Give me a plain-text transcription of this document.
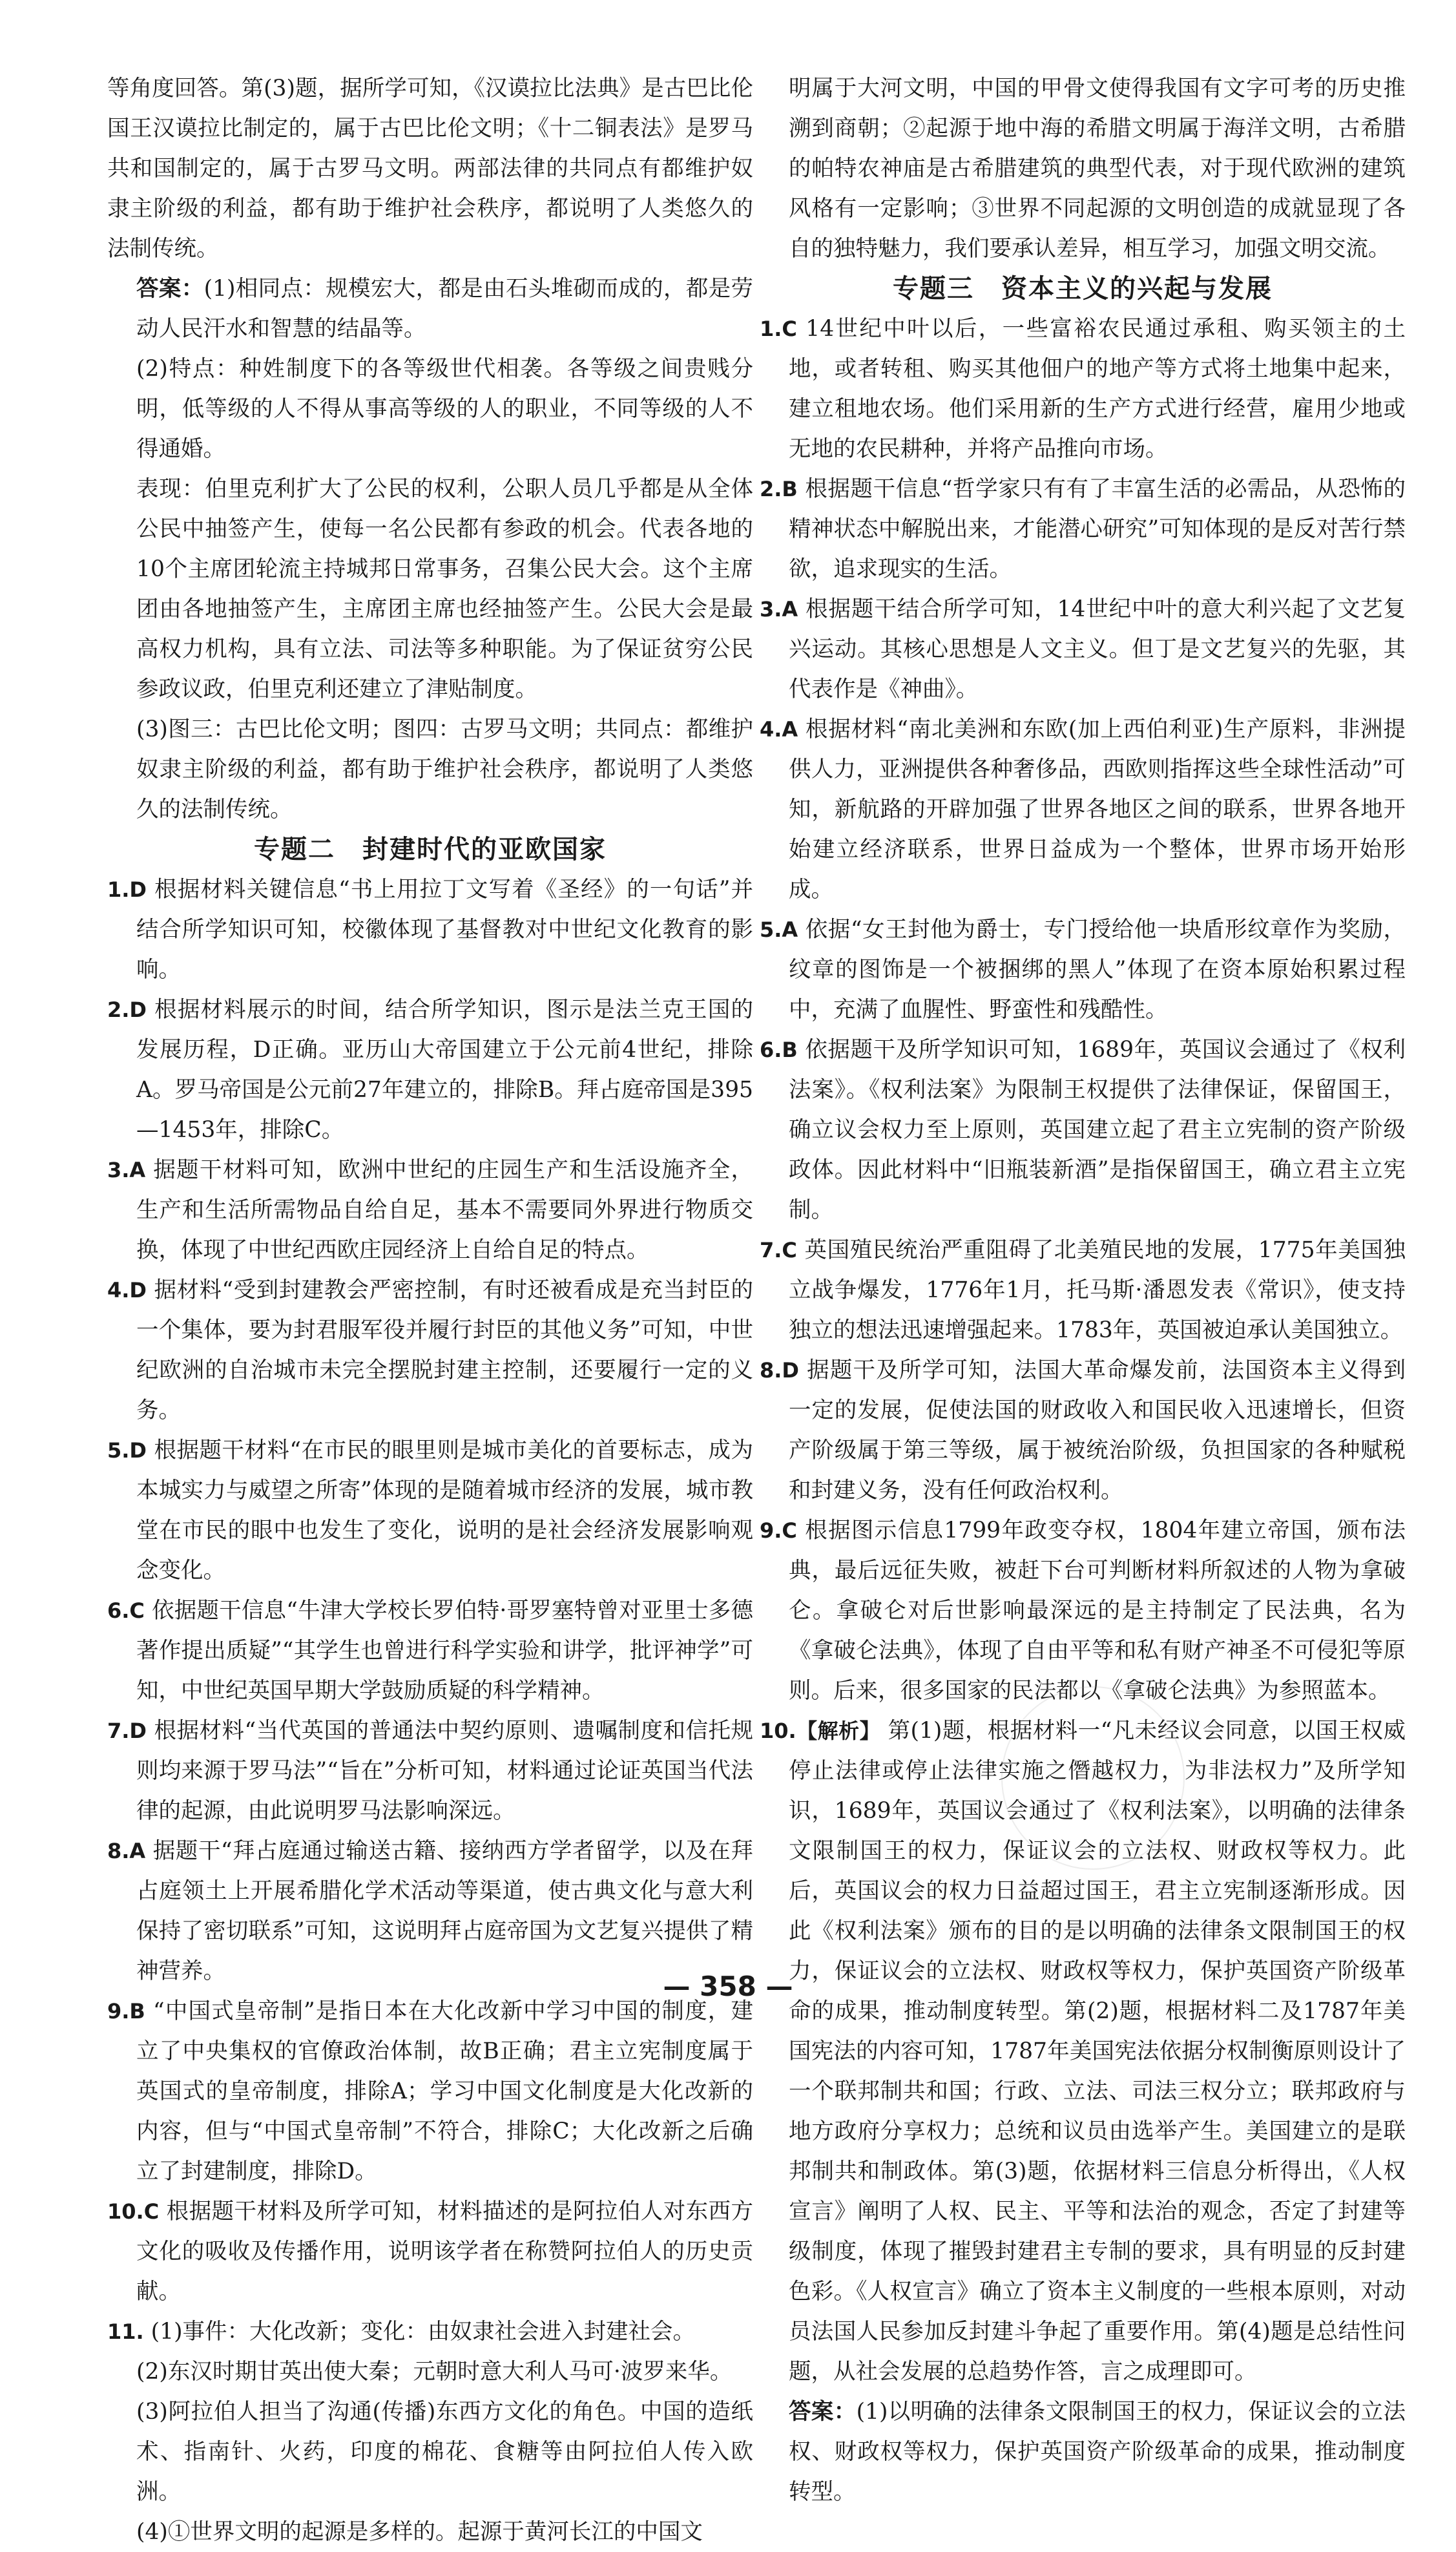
等角度回答。第(3)题，据所学可知，《汉谟拉比法典》是古巴比伦国王汉谟拉比制定的，属于古巴比伦文明；《十二铜表法》是罗马共和国制定的，属于古罗马文明。两部法律的共同点有都维护奴隶主阶级的利益，都有助于维护社会秩序，都说明了人类悠久的法制传统。
答案：(1)相同点：规模宏大，都是由石头堆砌而成的，都是劳动人民汗水和智慧的结晶等。
(2)特点：种姓制度下的各等级世代相袭。各等级之间贵贱分明，低等级的人不得从事高等级的人的职业，不同等级的人不得通婚。
表现：伯里克利扩大了公民的权利，公职人员几乎都是从全体公民中抽签产生，使每一名公民都有参政的机会。代表各地的10个主席团轮流主持城邦日常事务，召集公民大会。这个主席团由各地抽签产生，主席团主席也经抽签产生。公民大会是最高权力机构，具有立法、司法等多种职能。为了保证贫穷公民参政议政，伯里克利还建立了津贴制度。
(3)图三：古巴比伦文明；图四：古罗马文明；共同点：都维护奴隶主阶级的利益，都有助于维护社会秩序，都说明了人类悠久的法制传统。
专题二　封建时代的亚欧国家
1.D 根据材料关键信息“书上用拉丁文写着《圣经》的一句话”并结合所学知识可知，校徽体现了基督教对中世纪文化教育的影响。
2.D 根据材料展示的时间，结合所学知识，图示是法兰克王国的发展历程，D正确。亚历山大帝国建立于公元前4世纪，排除A。罗马帝国是公元前27年建立的，排除B。拜占庭帝国是395—1453年，排除C。
3.A 据题干材料可知，欧洲中世纪的庄园生产和生活设施齐全，生产和生活所需物品自给自足，基本不需要同外界进行物质交换，体现了中世纪西欧庄园经济上自给自足的特点。
4.D 据材料“受到封建教会严密控制，有时还被看成是充当封臣的一个集体，要为封君服军役并履行封臣的其他义务”可知，中世纪欧洲的自治城市未完全摆脱封建主控制，还要履行一定的义务。
5.D 根据题干材料“在市民的眼里则是城市美化的首要标志，成为本城实力与威望之所寄”体现的是随着城市经济的发展，城市教堂在市民的眼中也发生了变化，说明的是社会经济发展影响观念变化。
6.C 依据题干信息“牛津大学校长罗伯特·哥罗塞特曾对亚里士多德著作提出质疑”“其学生也曾进行科学实验和讲学，批评神学”可知，中世纪英国早期大学鼓励质疑的科学精神。
7.D 根据材料“当代英国的普通法中契约原则、遗嘱制度和信托规则均来源于罗马法”“旨在”分析可知，材料通过论证英国当代法律的起源，由此说明罗马法影响深远。
8.A 据题干“拜占庭通过输送古籍、接纳西方学者留学，以及在拜占庭领土上开展希腊化学术活动等渠道，使古典文化与意大利保持了密切联系”可知，这说明拜占庭帝国为文艺复兴提供了精神营养。
9.B “中国式皇帝制”是指日本在大化改新中学习中国的制度，建立了中央集权的官僚政治体制，故B正确；君主立宪制度属于英国式的皇帝制度，排除A；学习中国文化制度是大化改新的内容，但与“中国式皇帝制”不符合，排除C；大化改新之后确立了封建制度，排除D。
10.C 根据题干材料及所学可知，材料描述的是阿拉伯人对东西方文化的吸收及传播作用，说明该学者在称赞阿拉伯人的历史贡献。
11. (1)事件：大化改新；变化：由奴隶社会进入封建社会。
(2)东汉时期甘英出使大秦；元朝时意大利人马可·波罗来华。
(3)阿拉伯人担当了沟通(传播)东西方文化的角色。中国的造纸术、指南针、火药，印度的棉花、食糖等由阿拉伯人传入欧洲。
(4)①世界文明的起源是多样的。起源于黄河长江的中国文
明属于大河文明，中国的甲骨文使得我国有文字可考的历史推溯到商朝；②起源于地中海的希腊文明属于海洋文明，古希腊的帕特农神庙是古希腊建筑的典型代表，对于现代欧洲的建筑风格有一定影响；③世界不同起源的文明创造的成就显现了各自的独特魅力，我们要承认差异，相互学习，加强文明交流。
专题三　资本主义的兴起与发展
1.C 14世纪中叶以后，一些富裕农民通过承租、购买领主的土地，或者转租、购买其他佃户的地产等方式将土地集中起来，建立租地农场。他们采用新的生产方式进行经营，雇用少地或无地的农民耕种，并将产品推向市场。
2.B 根据题干信息“哲学家只有有了丰富生活的必需品，从恐怖的精神状态中解脱出来，才能潜心研究”可知体现的是反对苦行禁欲，追求现实的生活。
3.A 根据题干结合所学可知，14世纪中叶的意大利兴起了文艺复兴运动。其核心思想是人文主义。但丁是文艺复兴的先驱，其代表作是《神曲》。
4.A 根据材料“南北美洲和东欧(加上西伯利亚)生产原料，非洲提供人力，亚洲提供各种奢侈品，西欧则指挥这些全球性活动”可知，新航路的开辟加强了世界各地区之间的联系，世界各地开始建立经济联系，世界日益成为一个整体，世界市场开始形成。
5.A 依据“女王封他为爵士，专门授给他一块盾形纹章作为奖励，纹章的图饰是一个被捆绑的黑人”体现了在资本原始积累过程中，充满了血腥性、野蛮性和残酷性。
6.B 依据题干及所学知识可知，1689年，英国议会通过了《权利法案》。《权利法案》为限制王权提供了法律保证，保留国王，确立议会权力至上原则，英国建立起了君主立宪制的资产阶级政体。因此材料中“旧瓶装新酒”是指保留国王，确立君主立宪制。
7.C 英国殖民统治严重阻碍了北美殖民地的发展，1775年美国独立战争爆发，1776年1月，托马斯·潘恩发表《常识》，使支持独立的想法迅速增强起来。1783年，英国被迫承认美国独立。
8.D 据题干及所学可知，法国大革命爆发前，法国资本主义得到一定的发展，促使法国的财政收入和国民收入迅速增长，但资产阶级属于第三等级，属于被统治阶级，负担国家的各种赋税和封建义务，没有任何政治权利。
9.C 根据图示信息1799年政变夺权，1804年建立帝国，颁布法典，最后远征失败，被赶下台可判断材料所叙述的人物为拿破仑。拿破仑对后世影响最深远的是主持制定了民法典，名为《拿破仑法典》，体现了自由平等和私有财产神圣不可侵犯等原则。后来，很多国家的民法都以《拿破仑法典》为参照蓝本。
10.【解析】 第(1)题，根据材料一“凡未经议会同意，以国王权威停止法律或停止法律实施之僭越权力，为非法权力”及所学知识，1689年，英国议会通过了《权利法案》，以明确的法律条文限制国王的权力，保证议会的立法权、财政权等权力。此后，英国议会的权力日益超过国王，君主立宪制逐渐形成。因此《权利法案》颁布的目的是以明确的法律条文限制国王的权力，保证议会的立法权、财政权等权力，保护英国资产阶级革命的成果，推动制度转型。第(2)题，根据材料二及1787年美国宪法的内容可知，1787年美国宪法依据分权制衡原则设计了一个联邦制共和国；行政、立法、司法三权分立；联邦政府与地方政府分享权力；总统和议员由选举产生。美国建立的是联邦制共和制政体。第(3)题，依据材料三信息分析得出，《人权宣言》阐明了人权、民主、平等和法治的观念，否定了封建等级制度，体现了摧毁封建君主专制的要求，具有明显的反封建色彩。《人权宣言》确立了资本主义制度的一些根本原则，对动员法国人民参加反封建斗争起了重要作用。第(4)题是总结性问题，从社会发展的总趋势作答，言之成理即可。
答案：(1)以明确的法律条文限制国王的权力，保证议会的立法权、财政权等权力，保护英国资产阶级革命的成果，推动制度转型。
— 358 —
